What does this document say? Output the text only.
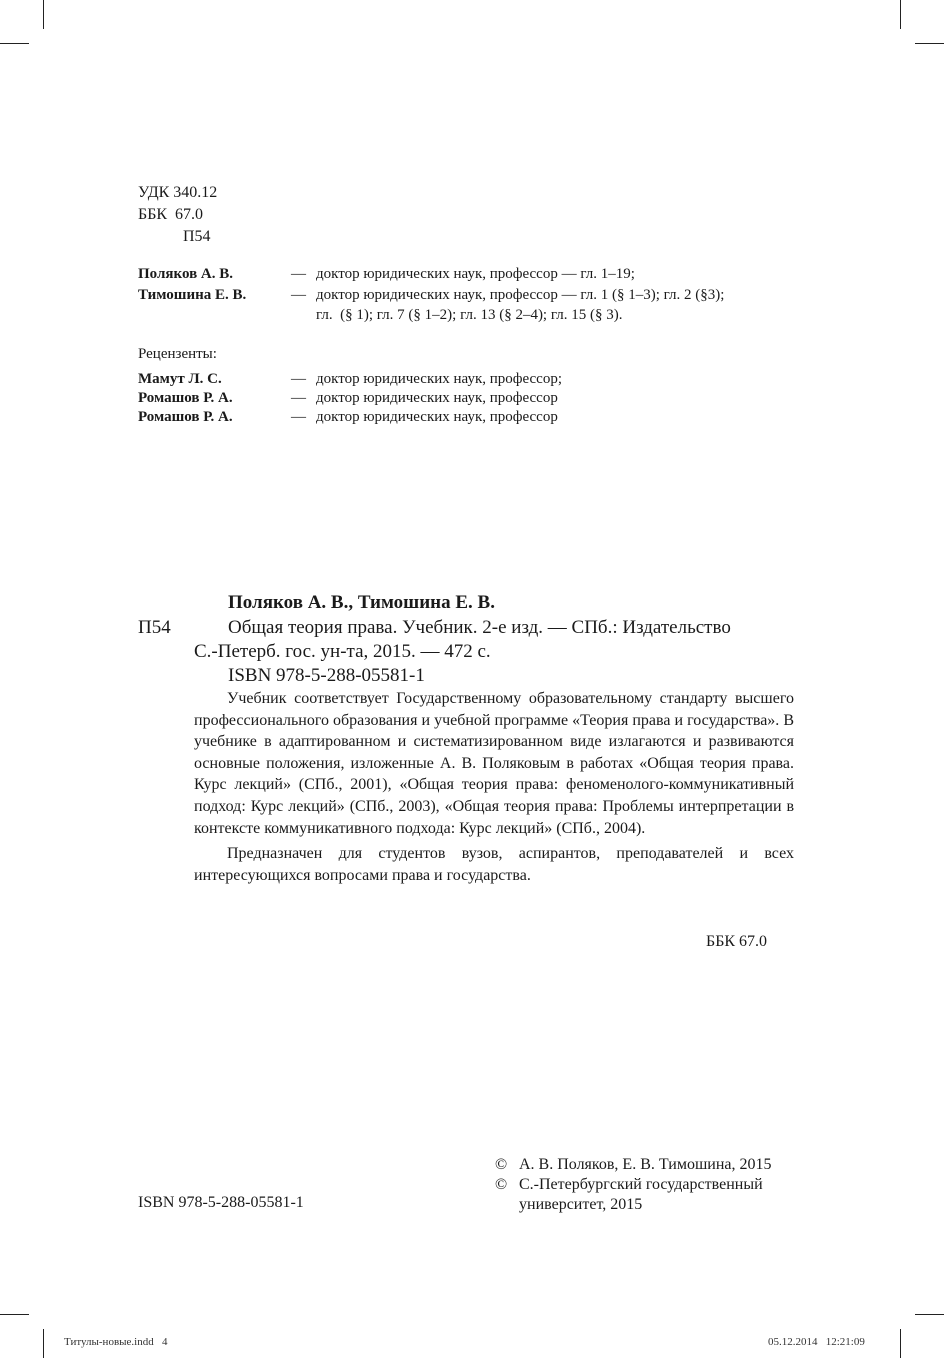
УДК 340.12
ББК  67.0
П54
Поляков А. В.	— доктор юридических наук, профессор — гл. 1–19;
Тимошина Е. В.	— доктор юридических наук, профессор — гл. 1 (§ 1–3); гл. 2 (§3);
гл.  (§ 1); гл. 7 (§ 1–2); гл. 13 (§ 2–4); гл. 15 (§ 3).
Рецензенты:
Мамут Л. С.	— доктор юридических наук, профессор;
Ромашов Р. А.	— доктор юридических наук, профессор
Ромашов Р. А.	— доктор юридических наук, профессор
Поляков А. В., Тимошина Е. В.
П54	Общая теория права. Учебник. 2-е изд. — СПб.: Издательство
С.-Петерб. гос. ун-та, 2015. — 472 с.
ISBN 978-5-288-05581-1

Учебник соответствует Государственному образовательному стандарту высшего профессионального образования и учебной программе «Теория права и государства». В учебнике в адаптированном и систематизированном виде излагаются и развиваются основные положения, изложенные А. В. Поляковым в работах «Общая теория права. Курс лекций» (СПб., 2001), «Общая теория права: феноменолого-коммуникативный подход: Курс лекций» (СПб., 2003), «Общая теория права: Проблемы интерпретации в контексте коммуникативного подхода: Курс лекций» (СПб., 2004).

Предназначен для студентов вузов, аспирантов, преподавателей и всех интересующихся вопросами права и государства.

ББК 67.0
ISBN 978-5-288-05581-1
© А. В. Поляков, Е. В. Тимошина, 2015
© С.-Петербургский государственный
университет, 2015
Титулы-новые.indd   4	05.12.2014   12:21:09
